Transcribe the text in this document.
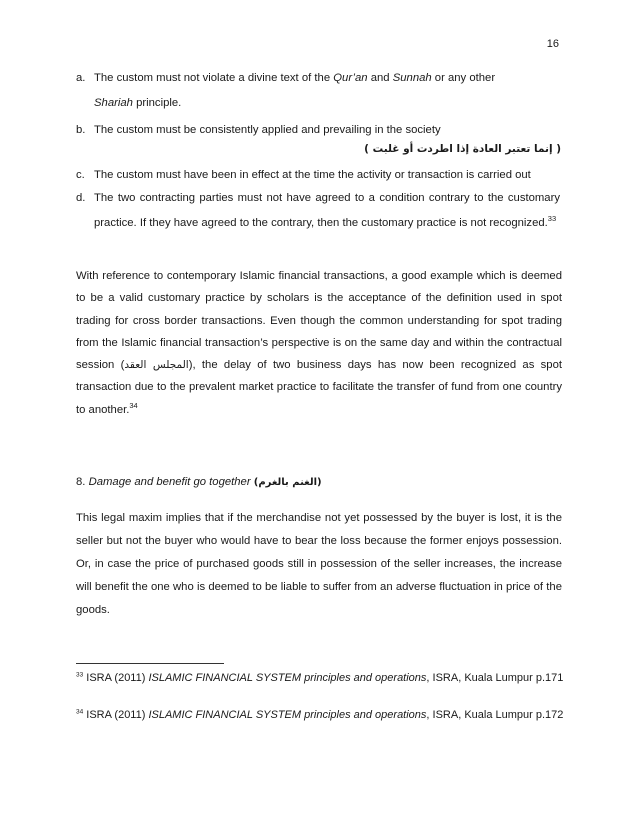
16
a. The custom must not violate a divine text of the Qur’an and Sunnah or any other
Shariah principle.
b. The custom must be consistently applied and prevailing in the society
( إنما تعتبر العادة إذا اطردت أو غلبت )
c. The custom must have been in effect at the time the activity or transaction is carried out
d. The two contracting parties must not have agreed to a condition contrary to the customary practice. If they have agreed to the contrary, then the customary practice is not recognized.$^{33}$
With reference to contemporary Islamic financial transactions, a good example which is deemed to be a valid customary practice by scholars is the acceptance of the definition used in spot trading for cross border transactions. Even though the common understanding for spot trading from the Islamic financial transaction’s perspective is on the same day and within the contractual session (المجلس العقد), the delay of two business days has now been recognized as spot transaction due to the prevalent market practice to facilitate the transfer of fund from one country to another.$^{34}$
8. Damage and benefit go together (الغنم بالغرم)
This legal maxim implies that if the merchandise not yet possessed by the buyer is lost, it is the seller but not the buyer who would have to bear the loss because the former enjoys possession. Or, in case the price of purchased goods still in possession of the seller increases, the increase will benefit the one who is deemed to be liable to suffer from an adverse fluctuation in price of the goods.
$^{33}$ ISRA (2011) ISLAMIC FINANCIAL SYSTEM principles and operations, ISRA, Kuala Lumpur p.171
$^{34}$ ISRA (2011) ISLAMIC FINANCIAL SYSTEM principles and operations, ISRA, Kuala Lumpur p.172
